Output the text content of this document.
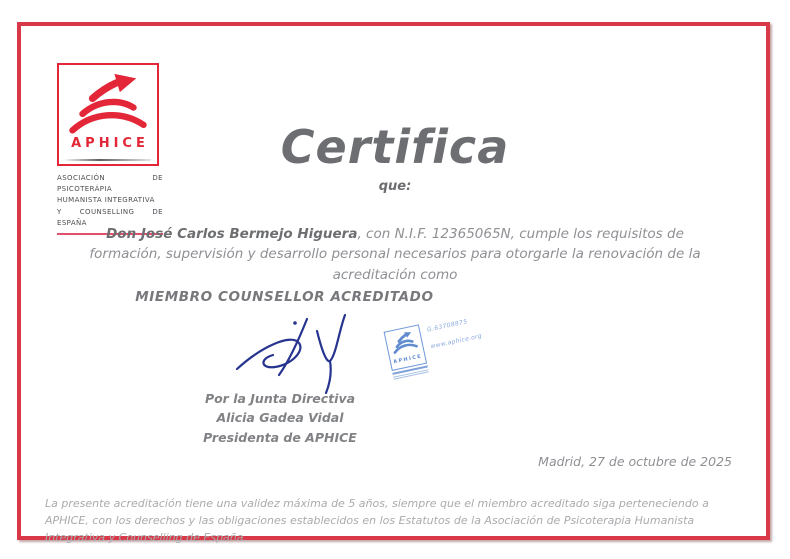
APHICE
ASOCIACIÓN DE PSICOTERÁPIA
HUMANISTA INTEGRATIVA
Y COUNSELLING DE ESPAÑA
Certifica
que:

Don José Carlos Bermejo Higuera, con N.I.F. 12365065N, cumple los requisitos de formación, supervisión y desarrollo personal necesarios para otorgarle la renovación de la acreditación como

MIEMBRO COUNSELLOR ACREDITADO
APHICE
G.63708875
www.aphice.org
Por la Junta Directiva
Alicia Gadea Vidal
Presidenta de APHICE
Madrid, 27 de octubre de 2025
La presente acreditación tiene una validez máxima de 5 años, siempre que el miembro acreditado siga perteneciendo a APHICE, con los derechos y las obligaciones establecidos en los Estatutos de la Asociación de Psicoterapia Humanista Integrativa y Counselling de España.
